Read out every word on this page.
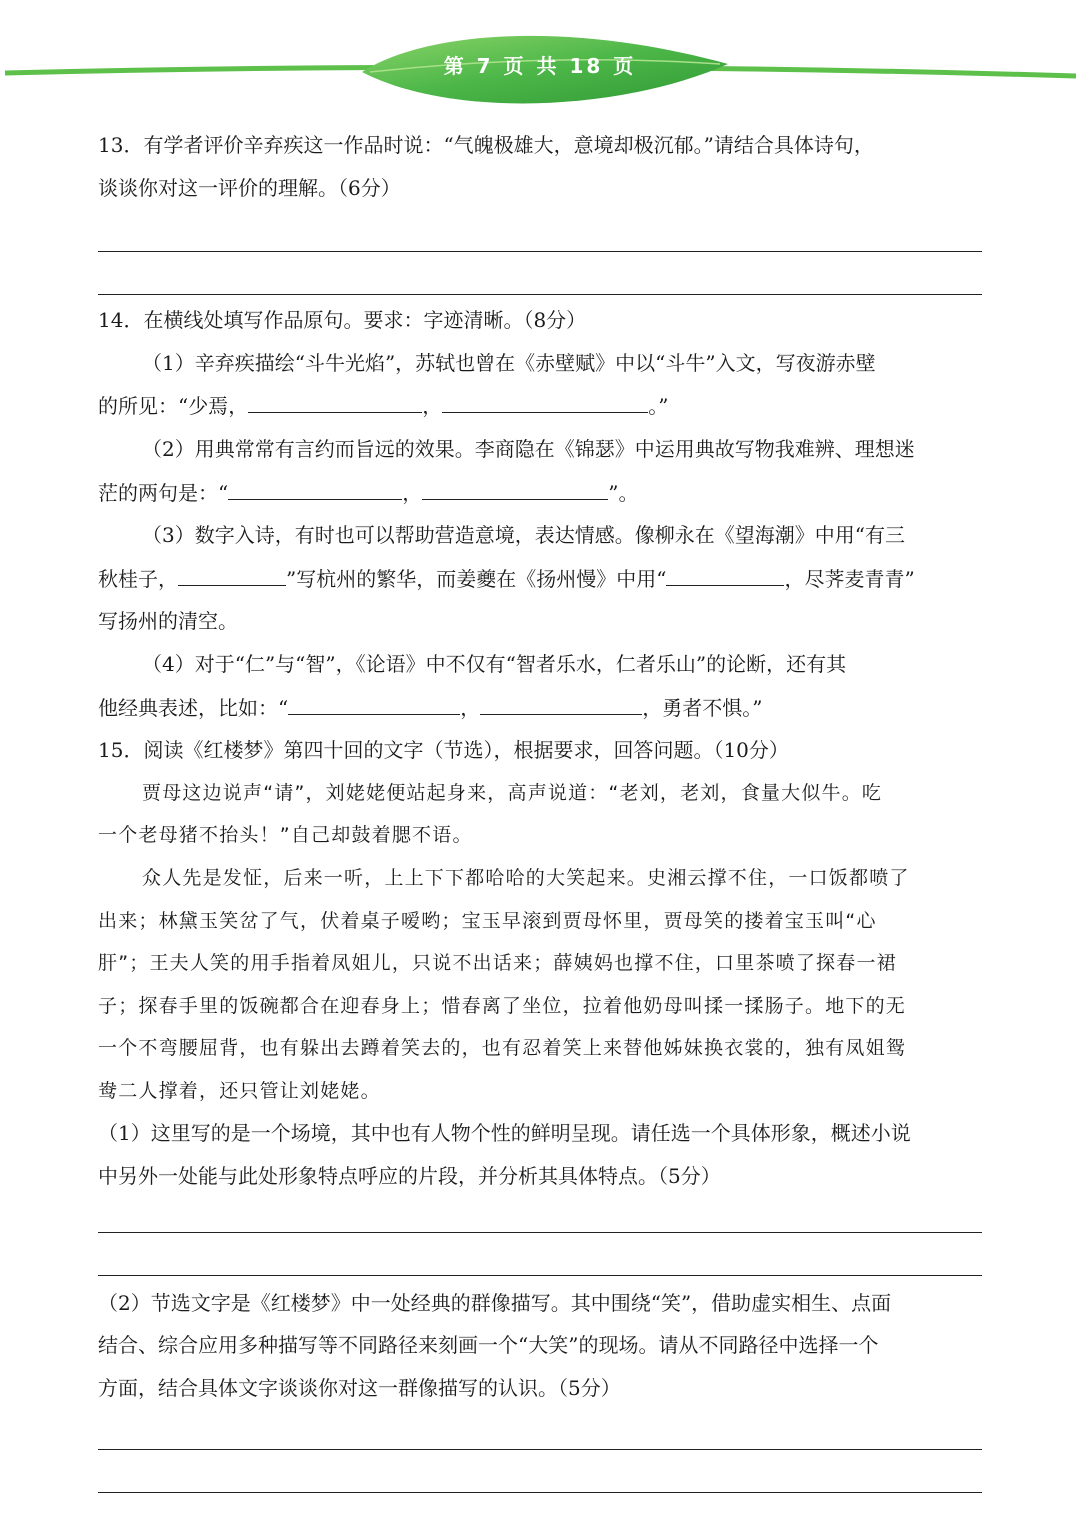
第 7 页 共 18 页
13．有学者评价辛弃疾这一作品时说：“气魄极雄大，意境却极沉郁。”请结合具体诗句，
谈谈你对这一评价的理解。（6分）
14．在横线处填写作品原句。要求：字迹清晰。（8分）
（1）辛弃疾描绘“斗牛光焰”，苏轼也曾在《赤壁赋》中以“斗牛”入文，写夜游赤壁
的所见：“少焉，	，	。”
（2）用典常常有言约而旨远的效果。李商隐在《锦瑟》中运用典故写物我难辨、理想迷
茫的两句是：“	，	”。
（3）数字入诗，有时也可以帮助营造意境，表达情感。像柳永在《望海潮》中用“有三
秋桂子，	”写杭州的繁华，而姜夔在《扬州慢》中用“	，尽荠麦青青”
写扬州的清空。
（4）对于“仁”与“智”，《论语》中不仅有“智者乐水，仁者乐山”的论断，还有其
他经典表述，比如：“	，	，勇者不惧。”
15．阅读《红楼梦》第四十回的文字（节选），根据要求，回答问题。（10分）
贾母这边说声“请”，刘姥姥便站起身来，高声说道：“老刘，老刘，食量大似牛。吃
一个老母猪不抬头！”自己却鼓着腮不语。
众人先是发怔，后来一听，上上下下都哈哈的大笑起来。史湘云撑不住，一口饭都喷了
出来；林黛玉笑岔了气，伏着桌子嗳哟；宝玉早滚到贾母怀里，贾母笑的搂着宝玉叫“心
肝”；王夫人笑的用手指着凤姐儿，只说不出话来；薛姨妈也撑不住，口里茶喷了探春一裙
子；探春手里的饭碗都合在迎春身上；惜春离了坐位，拉着他奶母叫揉一揉肠子。地下的无
一个不弯腰屈背，也有躲出去蹲着笑去的，也有忍着笑上来替他姊妹换衣裳的，独有凤姐鸳
鸯二人撑着，还只管让刘姥姥。
（1）这里写的是一个场境，其中也有人物个性的鲜明呈现。请任选一个具体形象，概述小说
中另外一处能与此处形象特点呼应的片段，并分析其具体特点。（5分）
（2）节选文字是《红楼梦》中一处经典的群像描写。其中围绕“笑”，借助虚实相生、点面
结合、综合应用多种描写等不同路径来刻画一个“大笑”的现场。请从不同路径中选择一个
方面，结合具体文字谈谈你对这一群像描写的认识。（5分）
